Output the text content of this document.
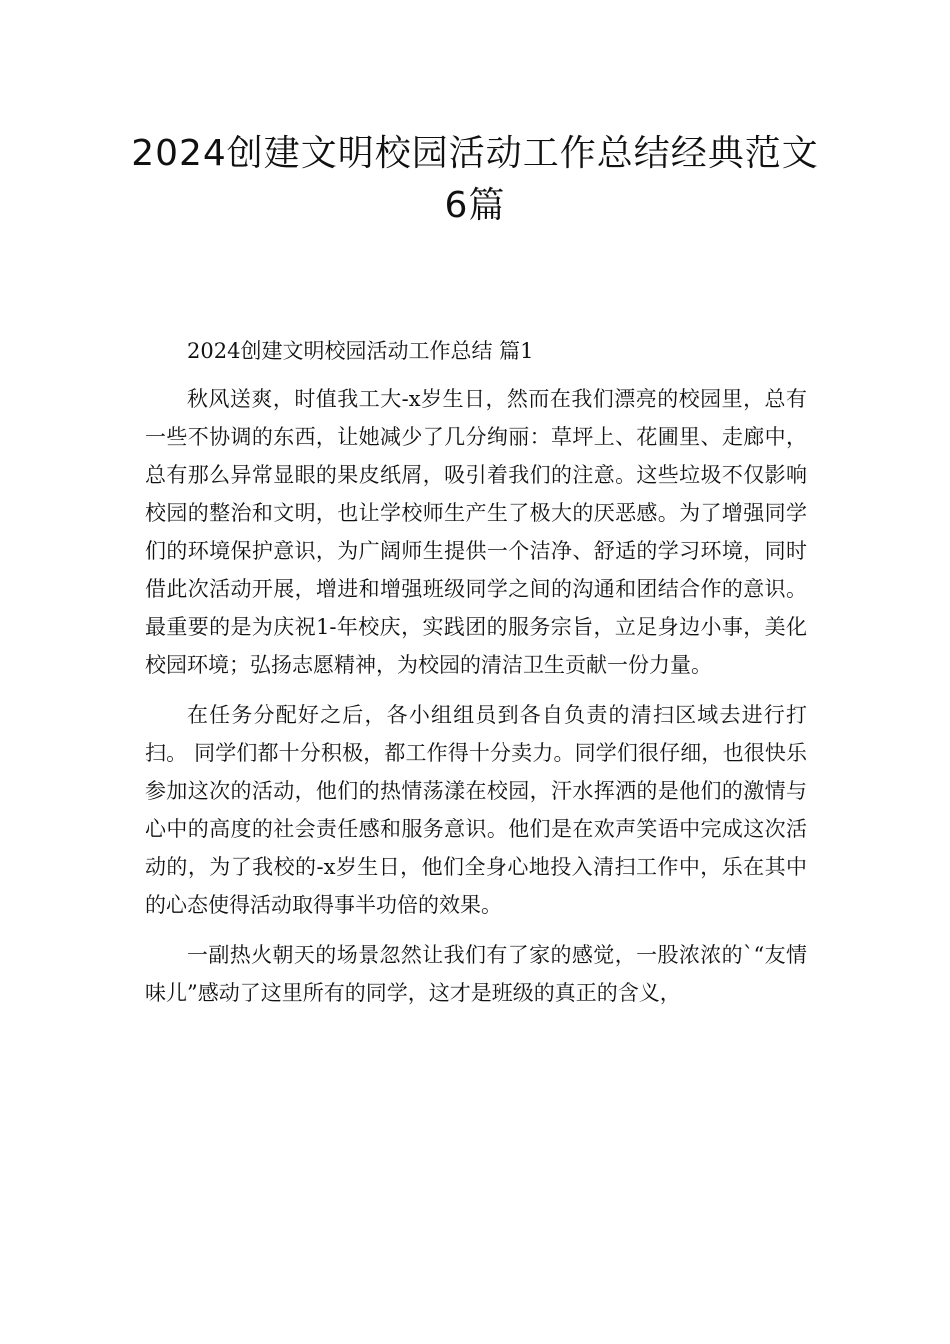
2024创建文明校园活动工作总结经典范文6篇

2024创建文明校园活动工作总结 篇1

秋风送爽，时值我工大-x岁生日，然而在我们漂亮的校园里，总有一些不协调的东西，让她减少了几分绚丽：草坪上、花圃里、走廊中，总有那么异常显眼的果皮纸屑，吸引着我们的注意。这些垃圾不仅影响校园的整治和文明，也让学校师生产生了极大的厌恶感。为了增强同学们的环境保护意识，为广阔师生提供一个洁净、舒适的学习环境，同时借此次活动开展，增进和增强班级同学之间的沟通和团结合作的意识。最重要的是为庆祝1-年校庆，实践团的服务宗旨，立足身边小事，美化校园环境；弘扬志愿精神，为校园的清洁卫生贡献一份力量。

在任务分配好之后，各小组组员到各自负责的清扫区域去进行打扫。 同学们都十分积极，都工作得十分卖力。同学们很仔细，也很快乐参加这次的活动，他们的热情荡漾在校园，汗水挥洒的是他们的激情与心中的高度的社会责任感和服务意识。他们是在欢声笑语中完成这次活动的，为了我校的-x岁生日，他们全身心地投入清扫工作中，乐在其中的心态使得活动取得事半功倍的效果。

一副热火朝天的场景忽然让我们有了家的感觉，一股浓浓的`“友情味儿”感动了这里所有的同学，这才是班级的真正的含义，
